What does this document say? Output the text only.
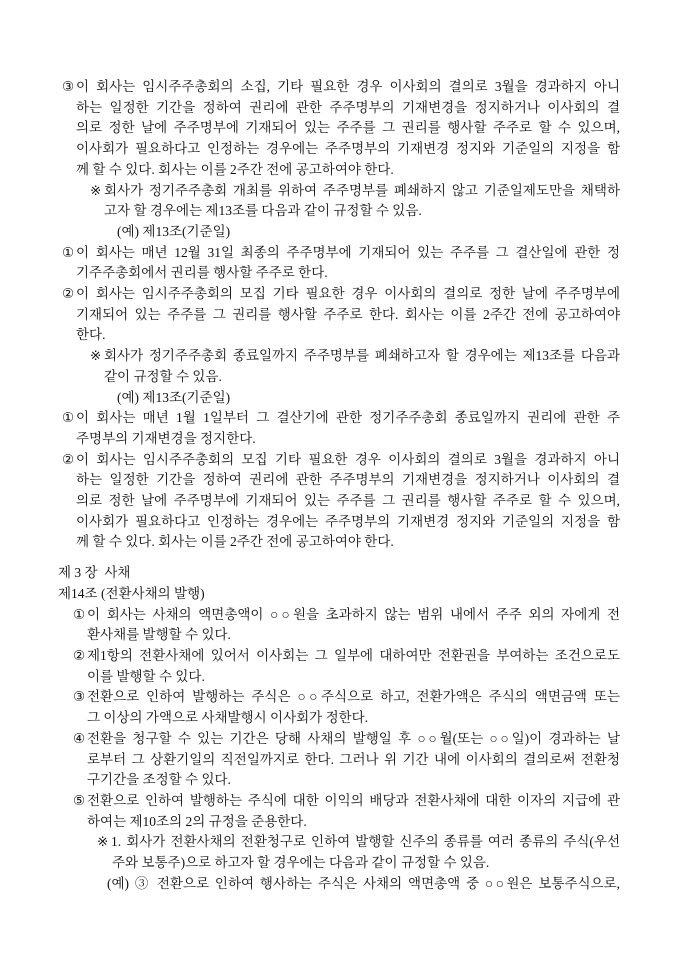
③ 이 회사는 임시주주총회의 소집, 기타 필요한 경우 이사회의 결의로 3월을 경과하지 아니
하는 일정한 기간을 정하여 권리에 관한 주주명부의 기재변경을 정지하거나 이사회의 결
의로 정한 날에 주주명부에 기재되어 있는 주주를 그 권리를 행사할 주주로 할 수 있으며,
이사회가 필요하다고 인정하는 경우에는 주주명부의 기재변경 정지와 기준일의 지정을 함
께 할 수 있다. 회사는 이를 2주간 전에 공고하여야 한다.
※ 회사가 정기주주총회 개최를 위하여 주주명부를 폐쇄하지 않고 기준일제도만을 채택하
고자 할 경우에는 제13조를 다음과 같이 규정할 수 있음.
(예) 제13조(기준일)
① 이 회사는 매년 12월 31일 최종의 주주명부에 기재되어 있는 주주를 그 결산일에 관한 정
기주주총회에서 권리를 행사할 주주로 한다.
② 이 회사는 임시주주총회의 모집 기타 필요한 경우 이사회의 결의로 정한 날에 주주명부에
기재되어 있는 주주를 그 권리를 행사할 주주로 한다. 회사는 이를 2주간 전에 공고하여야
한다.
※ 회사가 정기주주총회 종료일까지 주주명부를 폐쇄하고자 할 경우에는 제13조를 다음과
같이 규정할 수 있음.
(예) 제13조(기준일)
① 이 회사는 매년 1월 1일부터 그 결산기에 관한 정기주주총회 종료일까지 권리에 관한 주
주명부의 기재변경을 정지한다.
② 이 회사는 임시주주총회의 모집 기타 필요한 경우 이사회의 결의로 3월을 경과하지 아니
하는 일정한 기간을 정하여 권리에 관한 주주명부의 기재변경을 정지하거나 이사회의 결
의로 정한 날에 주주명부에 기재되어 있는 주주를 그 권리를 행사할 주주로 할 수 있으며,
이사회가 필요하다고 인정하는 경우에는 주주명부의 기재변경 정지와 기준일의 지정을 함
께 할 수 있다. 회사는 이를 2주간 전에 공고하여야 한다.
제 3 장  사채
제14조 (전환사채의 발행)
① 이 회사는 사채의 액면총액이 ○○원을 초과하지 않는 범위 내에서 주주 외의 자에게 전
환사채를 발행할 수 있다.
② 제1항의 전환사채에 있어서 이사회는 그 일부에 대하여만 전환권을 부여하는 조건으로도
이를 발행할 수 있다.
③ 전환으로 인하여 발행하는 주식은 ○○주식으로 하고, 전환가액은 주식의 액면금액 또는
그 이상의 가액으로 사채발행시 이사회가 정한다.
④ 전환을 청구할 수 있는 기간은 당해 사채의 발행일 후 ○○월(또는 ○○일)이 경과하는 날
로부터 그 상환기일의 직전일까지로 한다. 그러나 위 기간 내에 이사회의 결의로써 전환청
구기간을 조정할 수 있다.
⑤ 전환으로 인하여 발행하는 주식에 대한 이익의 배당과 전환사채에 대한 이자의 지급에 관
하여는 제10조의 2의 규정을 준용한다.
※ 1. 회사가 전환사채의 전환청구로 인하여 발행할 신주의 종류를 여러 종류의 주식(우선
주와 보통주)으로 하고자 할 경우에는 다음과 같이 규정할 수 있음.
(예) ③ 전환으로 인하여 행사하는 주식은 사채의 액면총액 중 ○○원은 보통주식으로,
